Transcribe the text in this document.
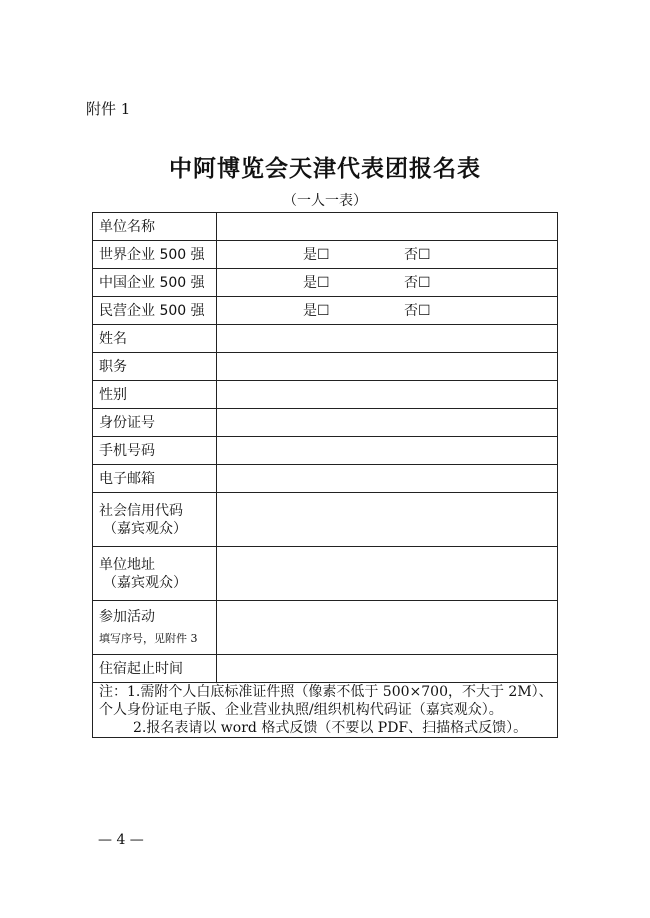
附件 1
中阿博览会天津代表团报名表
（一人一表）
单位名称	
世界企业 500 强	是☐ 否☐
中国企业 500 强	是☐ 否☐
民营企业 500 强	是☐ 否☐
姓名	
职务	
性别	
身份证号	
手机号码	
电子邮箱	
社会信用代码
（嘉宾观众）	

单位地址
（嘉宾观众）	

参加活动
填写序号，见附件 3	

住宿起止时间	

注：1.需附个人白底标准证件照（像素不低于 500×700，不大于 2M）、
个人身份证电子版、企业营业执照/组织机构代码证（嘉宾观众）。
2.报名表请以 word 格式反馈（不要以 PDF、扫描格式反馈）。	
— 4 —
